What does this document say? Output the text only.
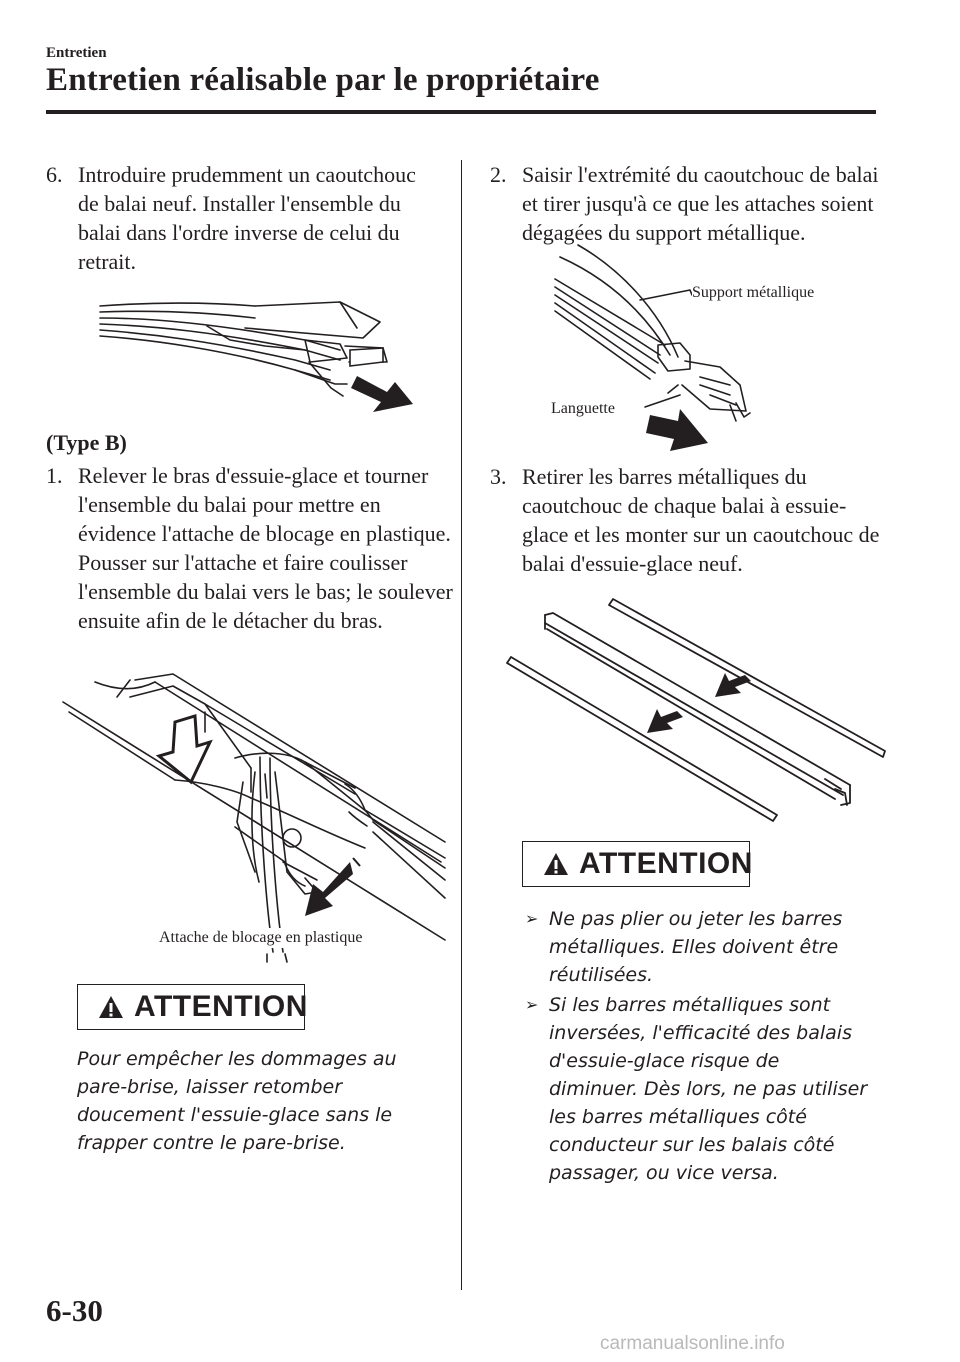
Entretien
Entretien réalisable par le propriétaire
6. Introduire prudemment un caoutchouc de balai neuf. Installer l'ensemble du balai dans l'ordre inverse de celui du retrait.

(Type B)
1. Relever le bras d'essuie-glace et tourner l'ensemble du balai pour mettre en évidence l'attache de blocage en plastique.

Pousser sur l'attache et faire coulisser l'ensemble du balai vers le bas; le soulever ensuite afin de le détacher du bras.

Attache de blocage en plastique
ATTENTION
Pour empêcher les dommages au pare-brise, laisser retomber doucement l'essuie-glace sans le frapper contre le pare-brise.
2. Saisir l'extrémité du caoutchouc de balai et tirer jusqu'à ce que les attaches soient dégagées du support métallique.

Support métallique
Languette
3. Retirer les barres métalliques du caoutchouc de chaque balai à essuie-glace et les monter sur un caoutchouc de balai d'essuie-glace neuf.

ATTENTION
➢ Ne pas plier ou jeter les barres métalliques. Elles doivent être réutilisées.
➢ Si les barres métalliques sont inversées, l'efficacité des balais d'essuie-glace risque de diminuer. Dès lors, ne pas utiliser les barres métalliques côté conducteur sur les balais côté passager, ou vice versa.
6-30
carmanualsonline.info
